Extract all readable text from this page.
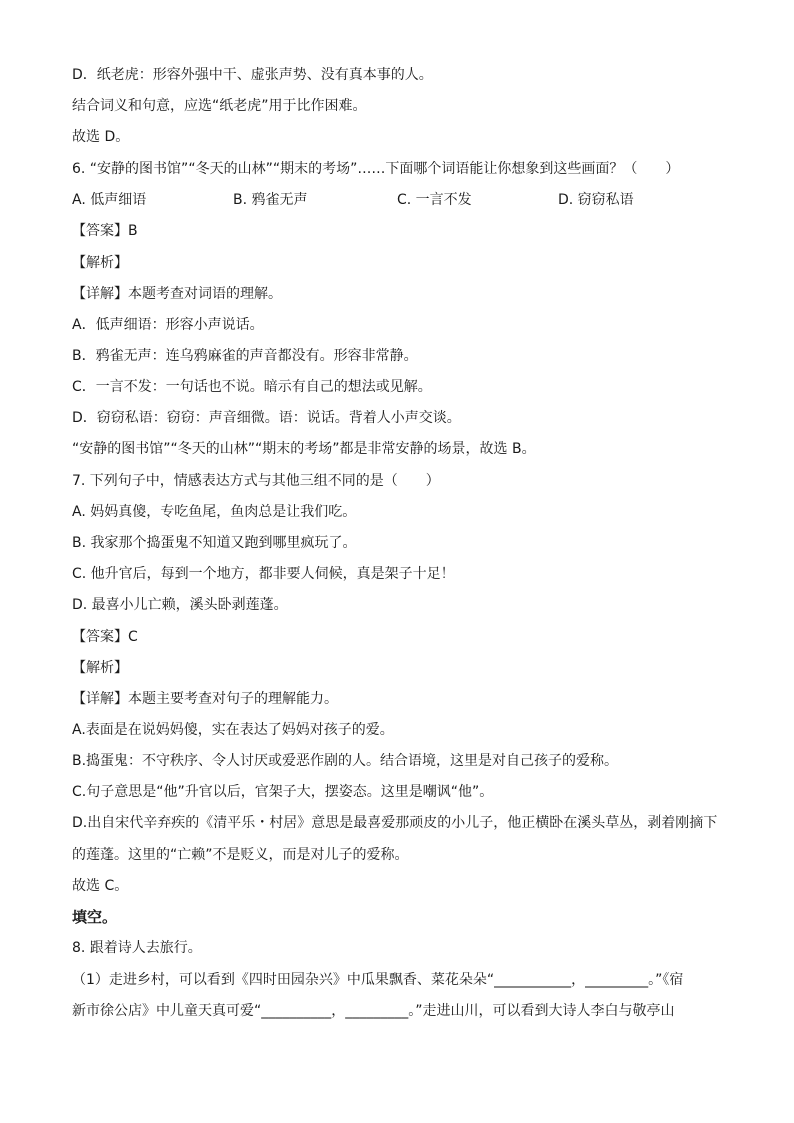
D．纸老虎：形容外强中干、虚张声势、没有真本事的人。
结合词义和句意，应选“纸老虎”用于比作困难。
故选 D。
6. “安静的图书馆”“冬天的山林”“期末的考场”……下面哪个词语能让你想象到这些画面？（　　）
A. 低声细语	B. 鸦雀无声	C. 一言不发	D. 窃窃私语
【答案】B
【解析】
【详解】本题考查对词语的理解。
A．低声细语：形容小声说话。
B．鸦雀无声：连乌鸦麻雀的声音都没有。形容非常静。
C．一言不发：一句话也不说。暗示有自己的想法或见解。
D．窃窃私语：窃窃：声音细微。语：说话。背着人小声交谈。
“安静的图书馆”“冬天的山林”“期末的考场”都是非常安静的场景，故选 B。
7. 下列句子中，情感表达方式与其他三组不同的是（　　）
A. 妈妈真傻，专吃鱼尾，鱼肉总是让我们吃。
B. 我家那个捣蛋鬼不知道又跑到哪里疯玩了。
C. 他升官后，每到一个地方，都非要人伺候，真是架子十足！
D. 最喜小儿亡赖，溪头卧剥莲蓬。
【答案】C
【解析】
【详解】本题主要考查对句子的理解能力。
A.表面是在说妈妈傻，实在表达了妈妈对孩子的爱。
B.捣蛋鬼：不守秩序、令人讨厌或爱恶作剧的人。结合语境，这里是对自己孩子的爱称。
C.句子意思是“他”升官以后，官架子大，摆姿态。这里是嘲讽“他”。
D.出自宋代辛弃疾的《清平乐・村居》意思是最喜爱那顽皮的小儿子，他正横卧在溪头草丛，剥着刚摘下
的莲蓬。这里的“亡赖”不是贬义，而是对儿子的爱称。
故选 C。
填空。
8. 跟着诗人去旅行。
（1）走进乡村，可以看到《四时田园杂兴》中瓜果飘香、菜花朵朵“___________，_________。”《宿
新市徐公店》中儿童天真可爱“__________，_________。”走进山川，可以看到大诗人李白与敬亭山
